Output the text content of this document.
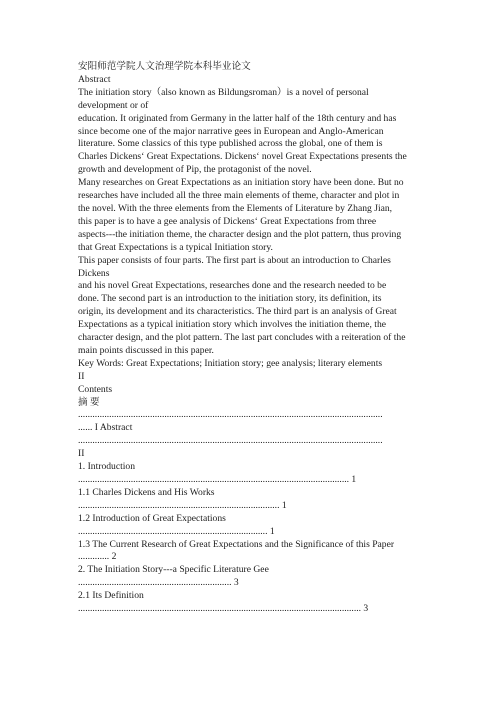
安阳师范学院人文治理学院本科毕业论文
Abstract
The initiation story（also known as Bildungsroman）is a novel of personal
development or of
education. It originated from Germany in the latter half of the 18th century and has
since become one of the major narrative gees in European and Anglo-American
literature. Some classics of this type published across the global, one of them is
Charles Dickens‘ Great Expectations. Dickens‘ novel Great Expectations presents the
growth and development of Pip, the protagonist of the novel.
Many researches on Great Expectations as an initiation story have been done. But no
researches have included all the three main elements of theme, character and plot in
the novel. With the three elements from the Elements of Literature by Zhang Jian,
this paper is to have a gee analysis of Dickens‘ Great Expectations from three
aspects---the initiation theme, the character design and the plot pattern, thus proving
that Great Expectations is a typical Initiation story.
This paper consists of four parts. The first part is about an introduction to Charles
Dickens
and his novel Great Expectations, researches done and the research needed to be
done. The second part is an introduction to the initiation story, its definition, its
origin, its development and its characteristics. The third part is an analysis of Great
Expectations as a typical initiation story which involves the initiation theme, the
character design, and the plot pattern. The last part concludes with a reiteration of the
main points discussed in this paper.
Key Words: Great Expectations; Initiation story; gee analysis; literary elements
II
Contents
摘 要
...............................................................................................................................
...... I Abstract
...............................................................................................................................
II
1. Introduction
................................................................................................................. 1
1.1 Charles Dickens and His Works
.................................................................................... 1
1.2 Introduction of Great Expectations
............................................................................... 1
1.3 The Current Research of Great Expectations and the Significance of this Paper
............. 2
2. The Initiation Story---a Specific Literature Gee
................................................................ 3
2.1 Its Definition
...................................................................................................................... 3
